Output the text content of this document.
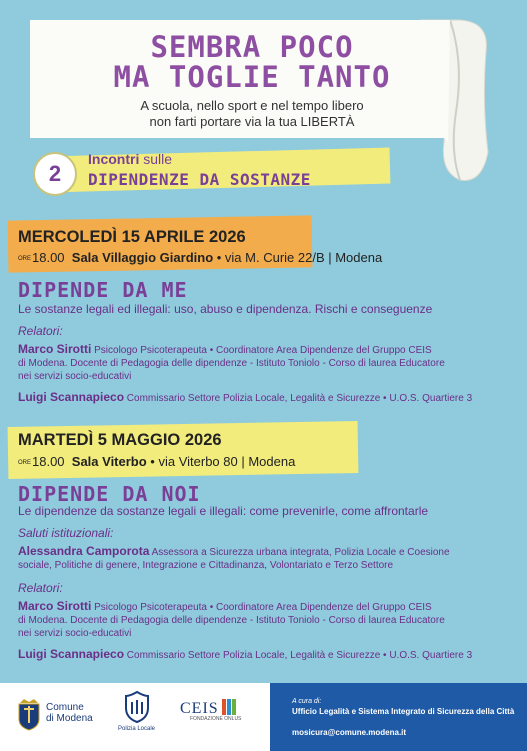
SEMBRA POCO
MA TOGLIE TANTO
A scuola, nello sport e nel tempo libero
non farti portare via la tua LIBERTÀ
2
Incontri sulle
DIPENDENZE DA SOSTANZE
MERCOLEDÌ 15 APRILE 2026
ORE18.00 Sala Villaggio Giardino • via M. Curie 22/B | Modena
DIPENDE DA ME
Le sostanze legali ed illegali: uso, abuso e dipendenza. Rischi e conseguenze
Relatori:
Marco Sirotti Psicologo Psicoterapeuta • Coordinatore Area Dipendenze del Gruppo CEIS
di Modena. Docente di Pedagogia delle dipendenze - Istituto Toniolo - Corso di laurea Educatore
nei servizi socio-educativi
Luigi Scannapieco Commissario Settore Polizia Locale, Legalità e Sicurezze • U.O.S. Quartiere 3
MARTEDÌ 5 MAGGIO 2026
ORE18.00 Sala Viterbo • via Viterbo 80 | Modena
DIPENDE DA NOI
Le dipendenze da sostanze legali e illegali: come prevenirle, come affrontarle
Saluti istituzionali:
Alessandra Camporota Assessora a Sicurezza urbana integrata, Polizia Locale e Coesione
sociale, Politiche di genere, Integrazione e Cittadinanza, Volontariato e Terzo Settore
Relatori:
Marco Sirotti Psicologo Psicoterapeuta • Coordinatore Area Dipendenze del Gruppo CEIS
di Modena. Docente di Pedagogia delle dipendenze - Istituto Toniolo - Corso di laurea Educatore
nei servizi socio-educativi
Luigi Scannapieco Commissario Settore Polizia Locale, Legalità e Sicurezze • U.O.S. Quartiere 3
Comune
di Modena
Polizia Locale
CEIS
FONDAZIONE ONLUS
A cura di:
Ufficio Legalità e Sistema Integrato di Sicurezza della Città
mosicura@comune.modena.it
